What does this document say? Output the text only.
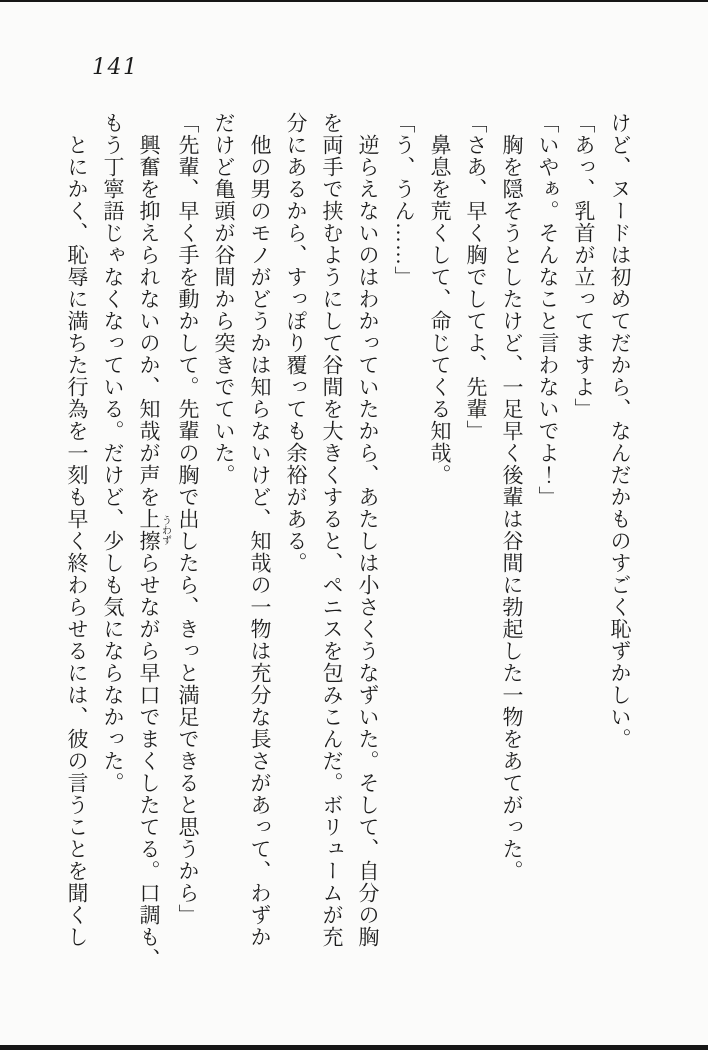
141

けど、ヌードは初めてだから、なんだかものすごく恥ずかしい。

「あっ、乳首が立ってますよ」

「いやぁ。そんなこと言わないでよ！」

胸を隠そうとしたけど、一足早く後輩は谷間に勃起した一物をあてがった。

「さあ、早く胸でしてよ、先輩」

鼻息を荒くして、命じてくる知哉。

「う、うん……」

逆らえないのはわかっていたから、あたしは小さくうなずいた。そして、自分の胸

を両手で挟むようにして谷間を大きくすると、ペニスを包みこんだ。ボリュームが充

分にあるから、すっぽり覆っても余裕がある。

他の男のモノがどうかは知らないけど、知哉の一物は充分な長さがあって、わずか

だけど亀頭が谷間から突きでていた。

「先輩、早く手を動かして。先輩の胸で出したら、きっと満足できると思うから」

興奮を抑えられないのか、知哉が声を上擦うわずらせながら早口でまくしたてる。口調も、

もう丁寧語じゃなくなっている。だけど、少しも気にならなかった。

とにかく、恥辱に満ちた行為を一刻も早く終わらせるには、彼の言うことを聞くし
